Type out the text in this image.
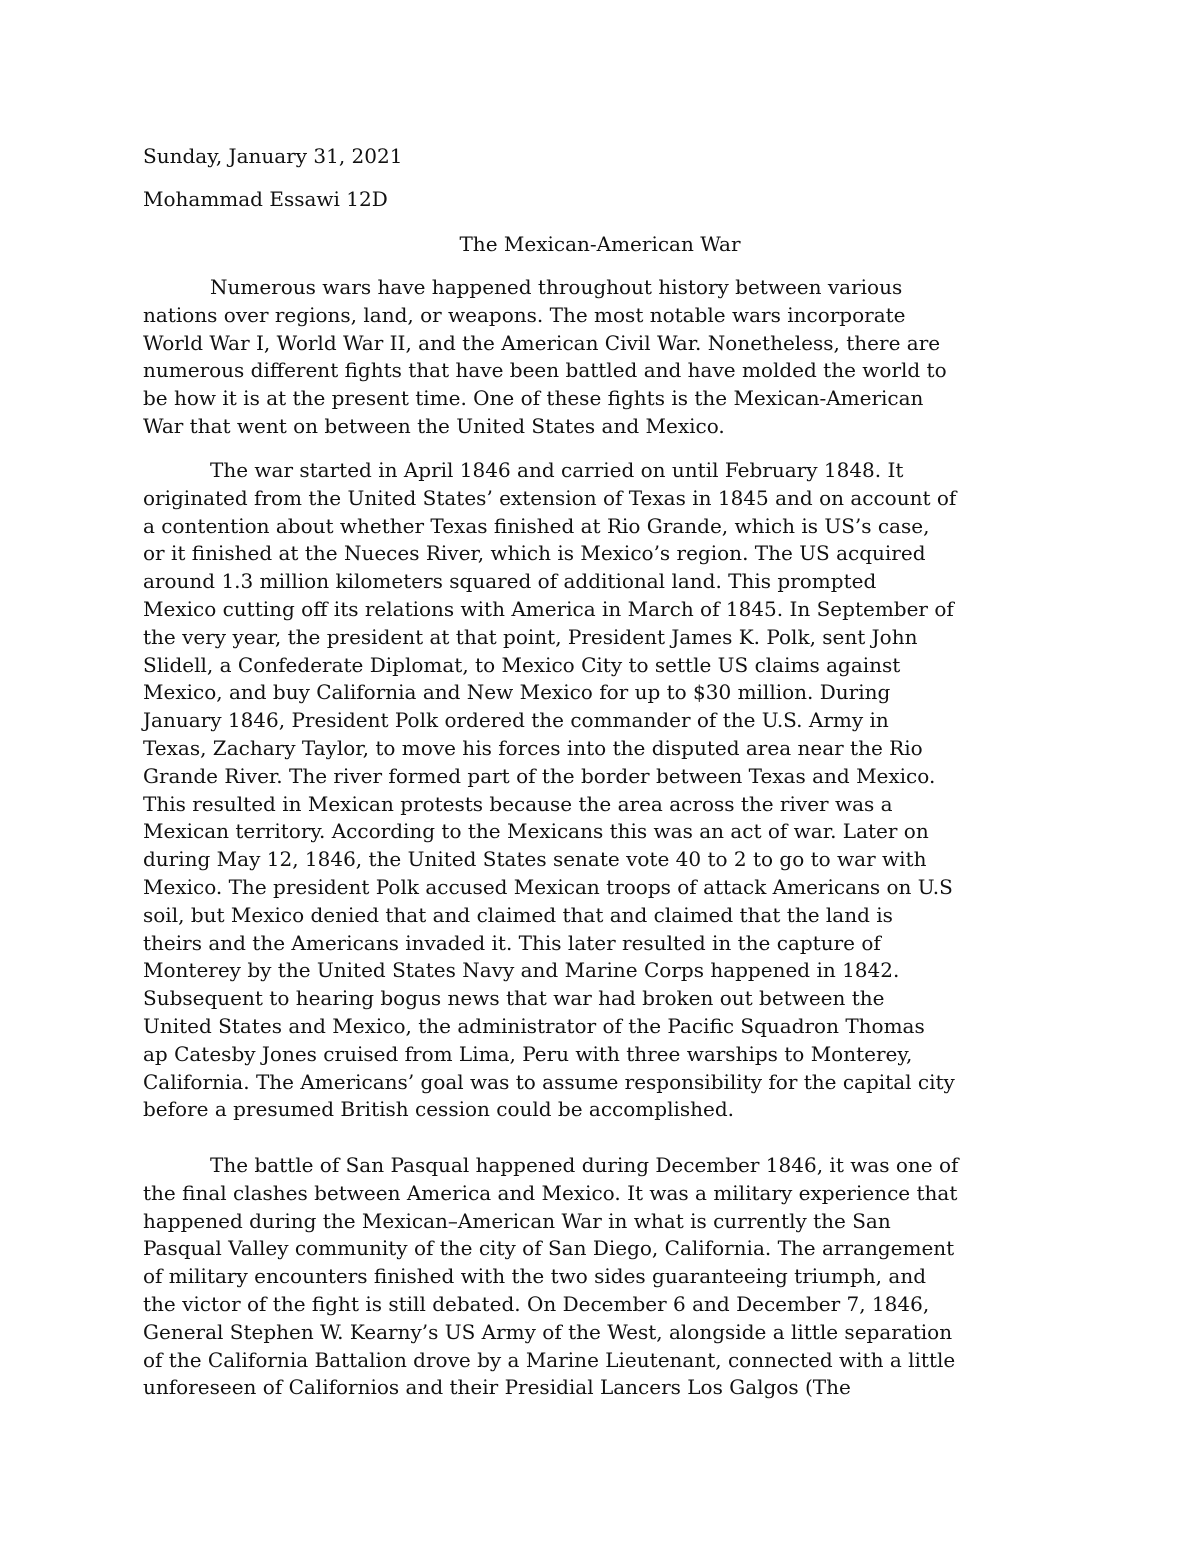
Sunday, January 31, 2021

Mohammad Essawi 12D

The Mexican-American War

Numerous wars have happened throughout history between various
nations over regions, land, or weapons. The most notable wars incorporate
World War I, World War II, and the American Civil War. Nonetheless, there are
numerous different fights that have been battled and have molded the world to
be how it is at the present time. One of these fights is the Mexican-American
War that went on between the United States and Mexico.
The war started in April 1846 and carried on until February 1848. It
originated from the United States’ extension of Texas in 1845 and on account of
a contention about whether Texas finished at Rio Grande, which is US’s case,
or it finished at the Nueces River, which is Mexico’s region. The US acquired
around 1.3 million kilometers squared of additional land. This prompted
Mexico cutting off its relations with America in March of 1845. In September of
the very year, the president at that point, President James K. Polk, sent John
Slidell, a Confederate Diplomat, to Mexico City to settle US claims against
Mexico, and buy California and New Mexico for up to $30 million. During
January 1846, President Polk ordered the commander of the U.S. Army in
Texas, Zachary Taylor, to move his forces into the disputed area near the Rio
Grande River. The river formed part of the border between Texas and Mexico.
This resulted in Mexican protests because the area across the river was a
Mexican territory. According to the Mexicans this was an act of war. Later on
during May 12, 1846, the United States senate vote 40 to 2 to go to war with
Mexico. The president Polk accused Mexican troops of attack Americans on U.S
soil, but Mexico denied that and claimed that and claimed that the land is
theirs and the Americans invaded it. This later resulted in the capture of
Monterey by the United States Navy and Marine Corps happened in 1842.
Subsequent to hearing bogus news that war had broken out between the
United States and Mexico, the administrator of the Pacific Squadron Thomas
ap Catesby Jones cruised from Lima, Peru with three warships to Monterey,
California. The Americans’ goal was to assume responsibility for the capital city
before a presumed British cession could be accomplished.
The battle of San Pasqual happened during December 1846, it was one of
the final clashes between America and Mexico. It was a military experience that
happened during the Mexican–American War in what is currently the San
Pasqual Valley community of the city of San Diego, California. The arrangement
of military encounters finished with the two sides guaranteeing triumph, and
the victor of the fight is still debated. On December 6 and December 7, 1846,
General Stephen W. Kearny’s US Army of the West, alongside a little separation
of the California Battalion drove by a Marine Lieutenant, connected with a little
unforeseen of Californios and their Presidial Lancers Los Galgos (The
